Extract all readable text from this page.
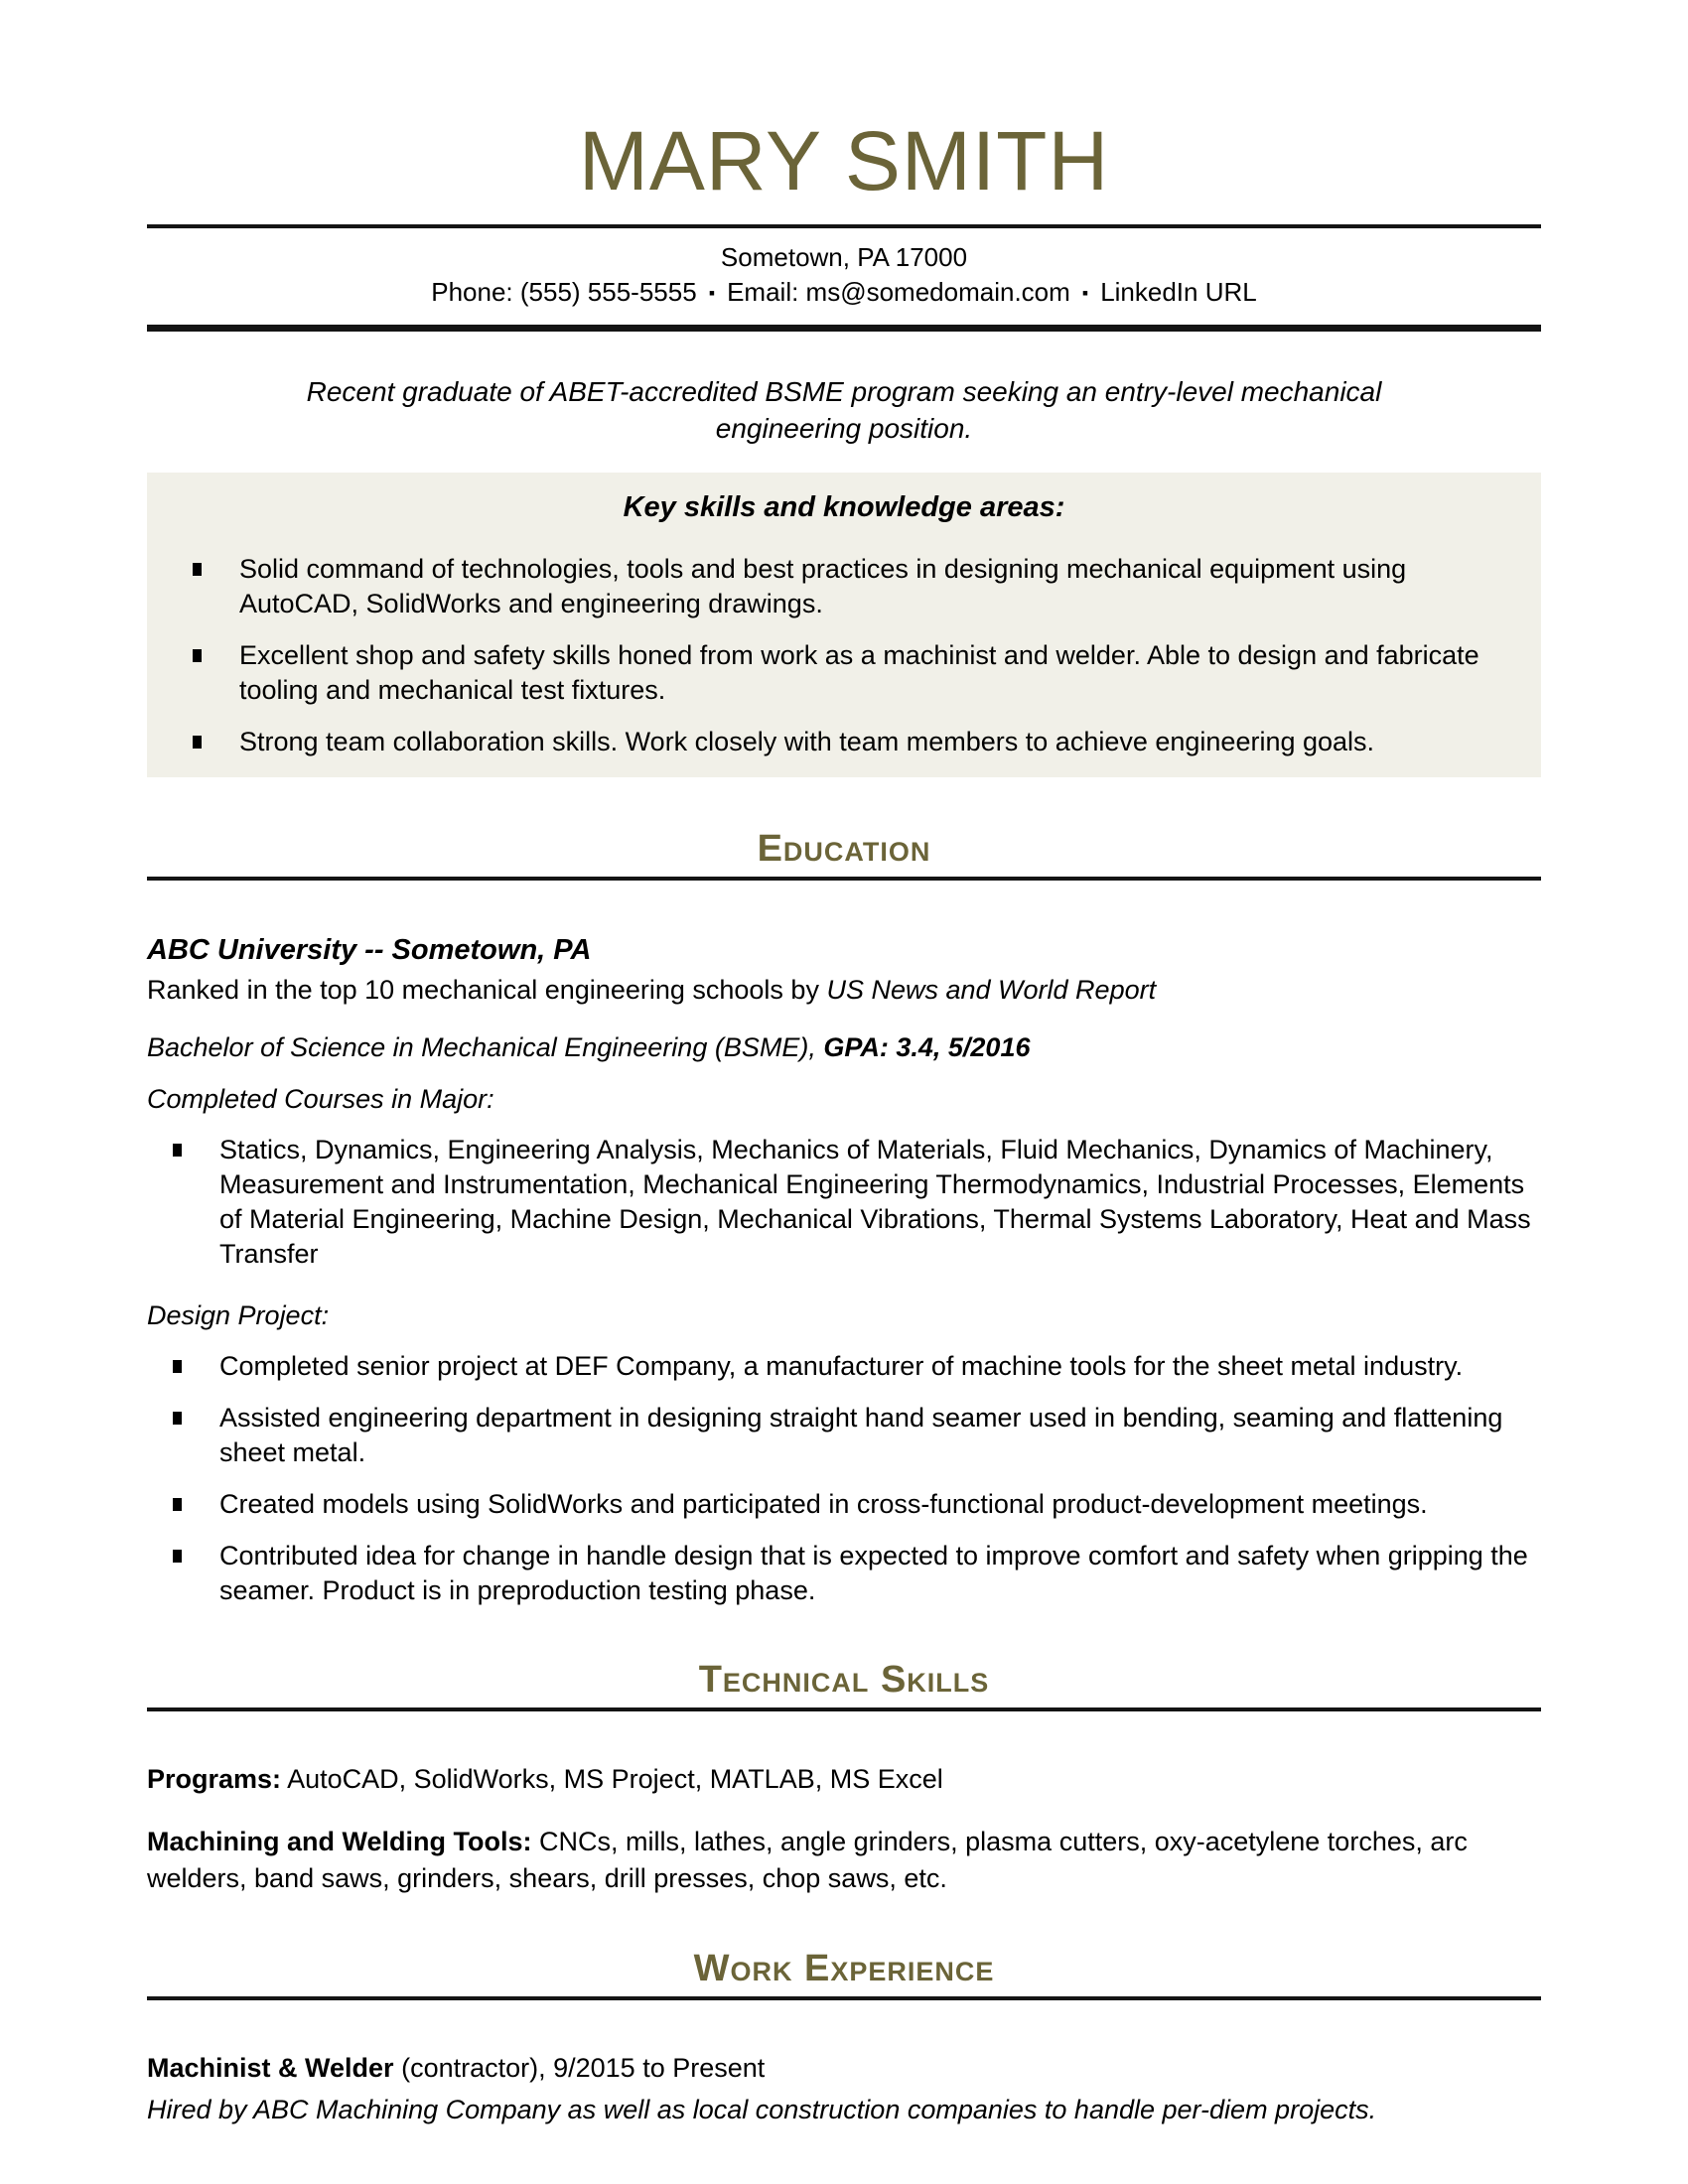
MARY SMITH
Sometown, PA 17000
Phone: (555) 555-5555 ▪ Email: ms@somedomain.com ▪ LinkedIn URL

Recent graduate of ABET-accredited BSME program seeking an entry-level mechanical engineering position.

Key skills and knowledge areas:
Solid command of technologies, tools and best practices in designing mechanical equipment using AutoCAD, SolidWorks and engineering drawings.
Excellent shop and safety skills honed from work as a machinist and welder. Able to design and fabricate tooling and mechanical test fixtures.
Strong team collaboration skills. Work closely with team members to achieve engineering goals.
Education

ABC University -- Sometown, PA

Ranked in the top 10 mechanical engineering schools by US News and World Report

Bachelor of Science in Mechanical Engineering (BSME), GPA: 3.4, 5/2016

Completed Courses in Major:

Statics, Dynamics, Engineering Analysis, Mechanics of Materials, Fluid Mechanics, Dynamics of Machinery, Measurement and Instrumentation, Mechanical Engineering Thermodynamics, Industrial Processes, Elements of Material Engineering, Machine Design, Mechanical Vibrations, Thermal Systems Laboratory, Heat and Mass Transfer

Design Project:

Completed senior project at DEF Company, a manufacturer of machine tools for the sheet metal industry.
Assisted engineering department in designing straight hand seamer used in bending, seaming and flattening sheet metal.
Created models using SolidWorks and participated in cross-functional product-development meetings.
Contributed idea for change in handle design that is expected to improve comfort and safety when gripping the seamer. Product is in preproduction testing phase.
Technical Skills

Programs: AutoCAD, SolidWorks, MS Project, MATLAB, MS Excel

Machining and Welding Tools: CNCs, mills, lathes, angle grinders, plasma cutters, oxy-acetylene torches, arc welders, band saws, grinders, shears, drill presses, chop saws, etc.

Work Experience

Machinist & Welder (contractor), 9/2015 to Present

Hired by ABC Machining Company as well as local construction companies to handle per-diem projects.
